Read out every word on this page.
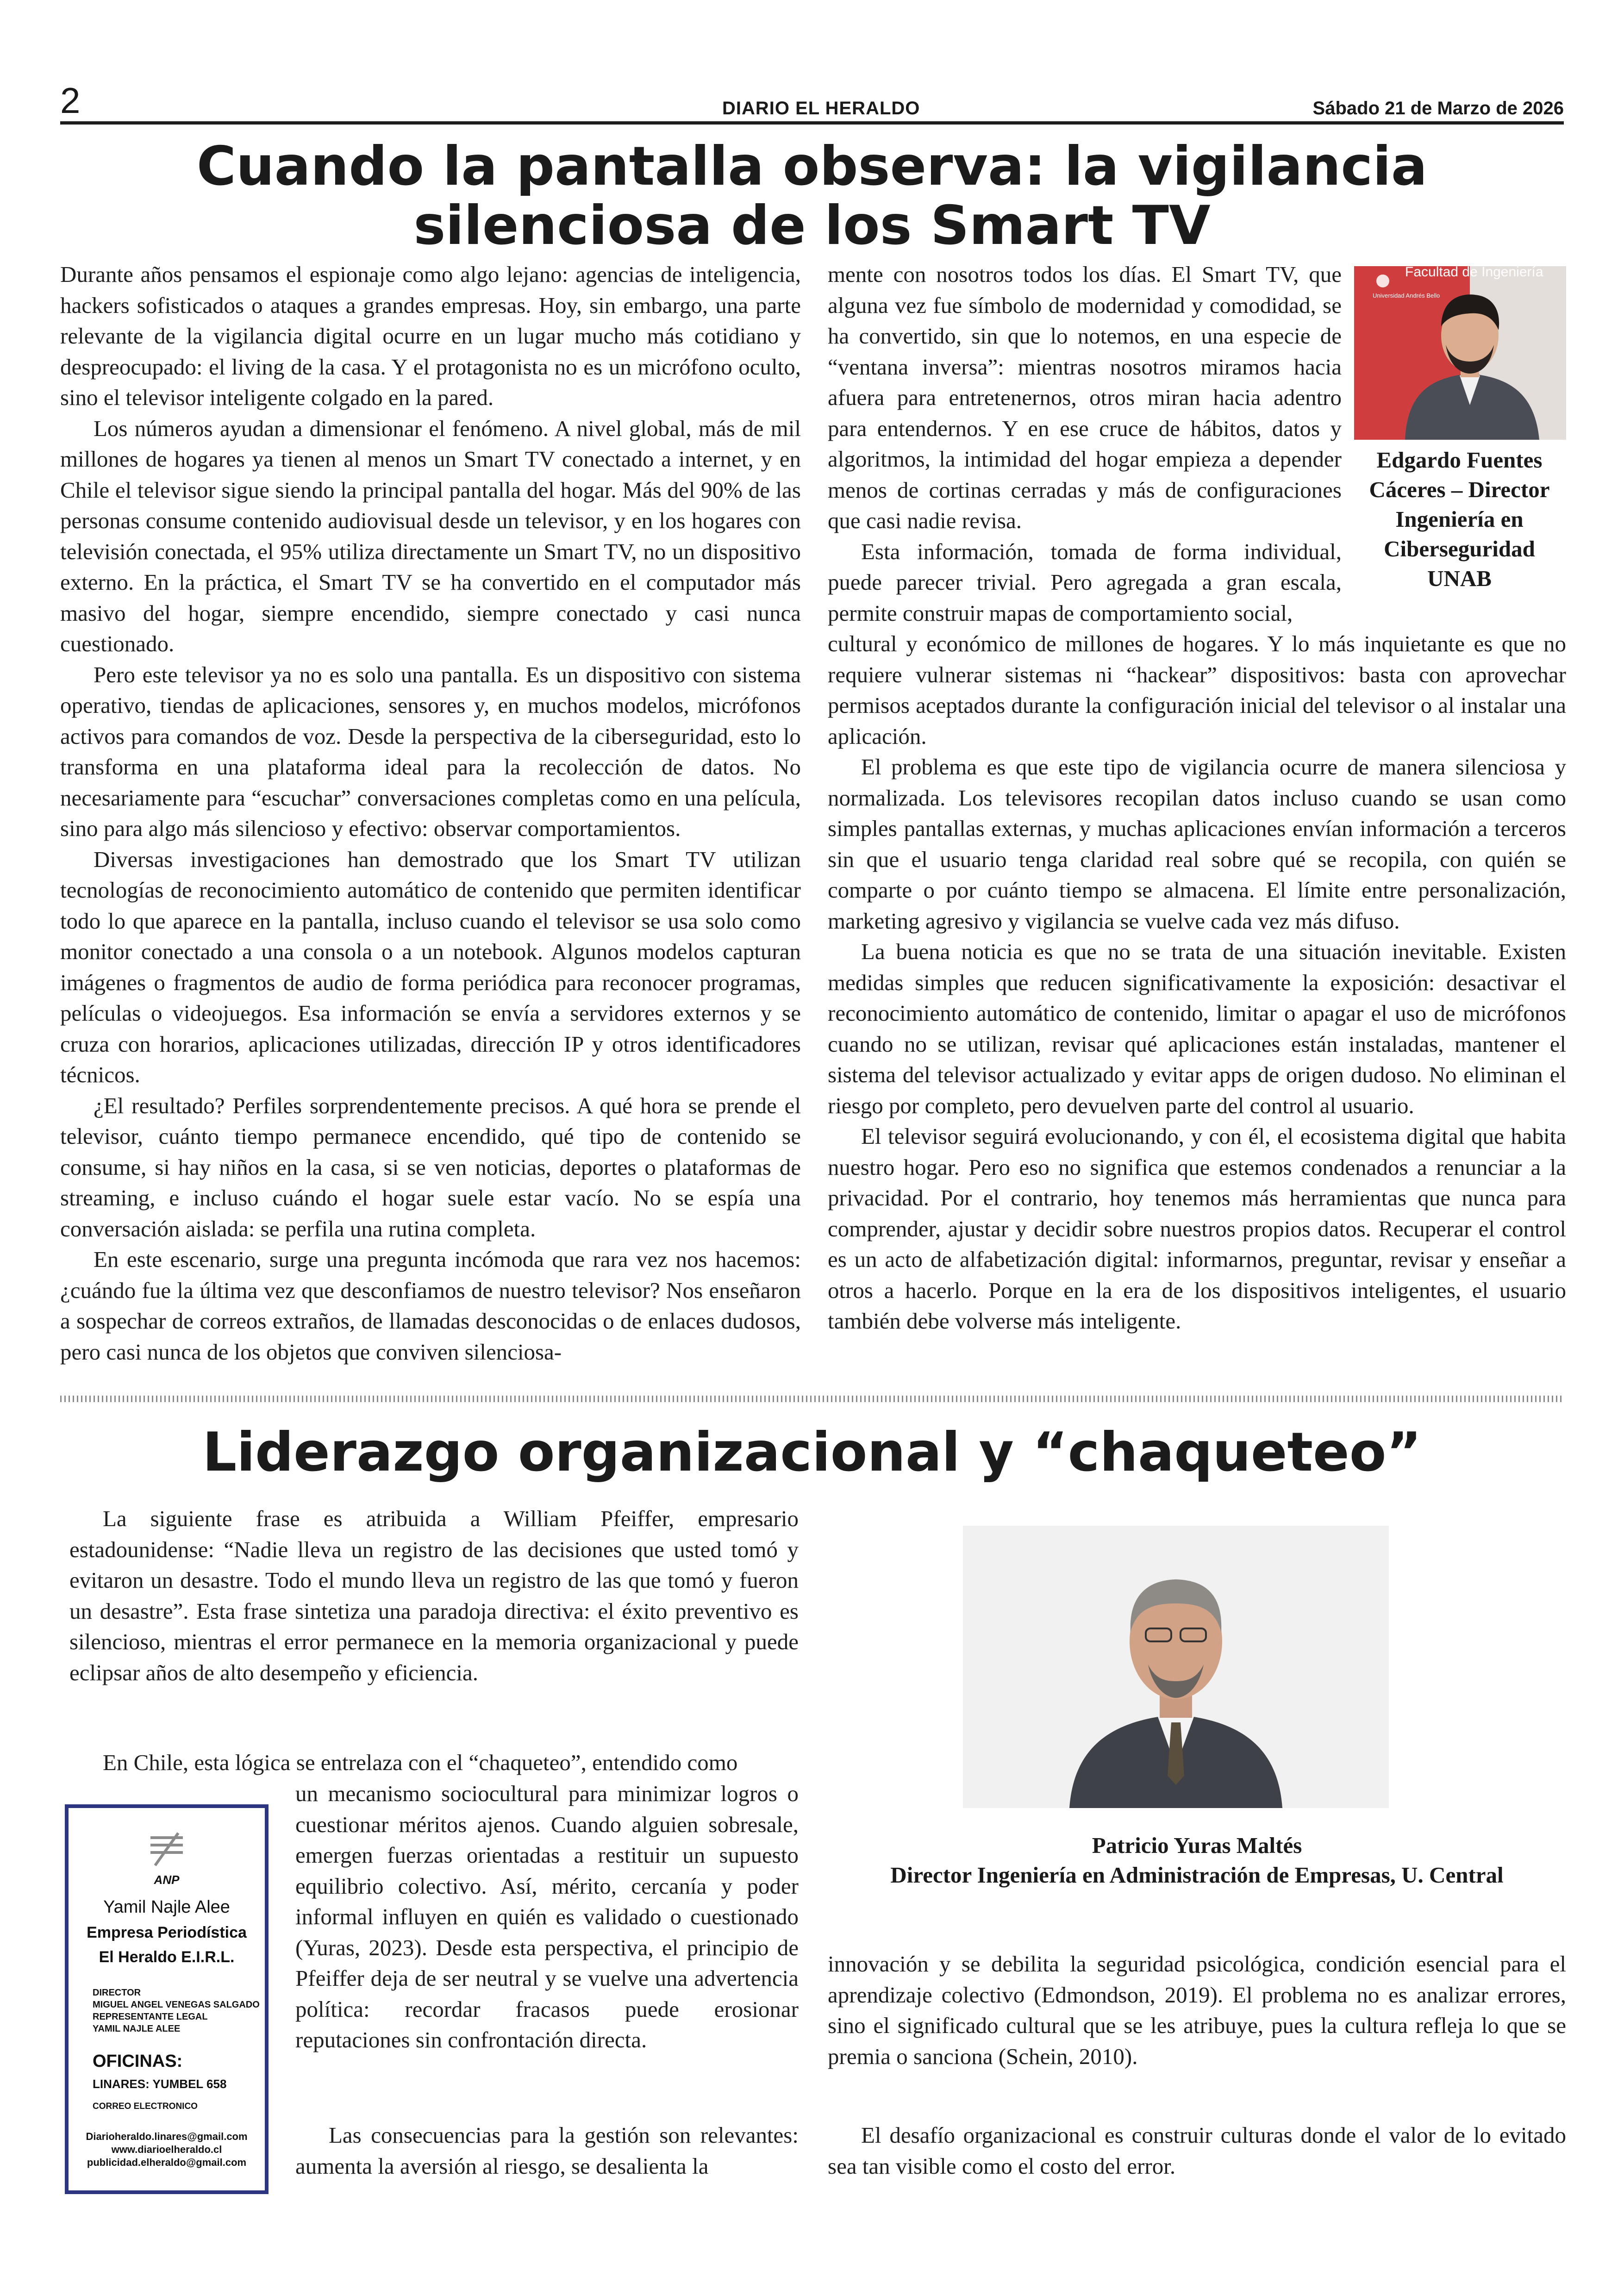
2	DIARIO EL HERALDO	Sábado 21 de Marzo de 2026
Cuando la pantalla observa: la vigilancia
silenciosa de los Smart TV

Durante años pensamos el espionaje como algo lejano: agencias de inteligencia, hackers sofisticados o ataques a grandes empresas. Hoy, sin embargo, una parte relevante de la vigilancia digital ocurre en un lugar mucho más cotidiano y despreocupado: el living de la casa. Y el protagonista no es un micrófono oculto, sino el televisor inteligente colgado en la pared.

Los números ayudan a dimensionar el fenómeno. A nivel global, más de mil millones de hogares ya tienen al menos un Smart TV conectado a internet, y en Chile el televisor sigue siendo la principal pantalla del hogar. Más del 90% de las personas consume contenido audiovisual desde un televisor, y en los hogares con televisión conectada, el 95% utiliza directamente un Smart TV, no un dispositivo externo. En la práctica, el Smart TV se ha convertido en el computador más masivo del hogar, siempre encendido, siempre conectado y casi nunca cuestionado.

Pero este televisor ya no es solo una pantalla. Es un dispositivo con sistema operativo, tiendas de aplicaciones, sensores y, en muchos modelos, micrófonos activos para comandos de voz. Desde la perspectiva de la ciberseguridad, esto lo transforma en una plataforma ideal para la recolección de datos. No necesariamente para “escuchar” conversaciones completas como en una película, sino para algo más silencioso y efectivo: observar comportamientos.

Diversas investigaciones han demostrado que los Smart TV utilizan tecnologías de reconocimiento automático de contenido que permiten identificar todo lo que aparece en la pantalla, incluso cuando el televisor se usa solo como monitor conectado a una consola o a un notebook. Algunos modelos capturan imágenes o fragmentos de audio de forma periódica para reconocer programas, películas o videojuegos. Esa información se envía a servidores externos y se cruza con horarios, aplicaciones utilizadas, dirección IP y otros identificadores técnicos.

¿El resultado? Perfiles sorprendentemente precisos. A qué hora se prende el televisor, cuánto tiempo permanece encendido, qué tipo de contenido se consume, si hay niños en la casa, si se ven noticias, deportes o plataformas de streaming, e incluso cuándo el hogar suele estar vacío. No se espía una conversación aislada: se perfila una rutina completa.

En este escenario, surge una pregunta incómoda que rara vez nos hacemos: ¿cuándo fue la última vez que desconfiamos de nuestro televisor? Nos enseñaron a sospechar de correos extraños, de llamadas desconocidas o de enlaces dudosos, pero casi nunca de los objetos que conviven silenciosa-

mente con nosotros todos los días. El Smart TV, que alguna vez fue símbolo de modernidad y comodidad, se ha convertido, sin que lo notemos, en una especie de “ventana inversa”: mientras nosotros miramos hacia afuera para entretenernos, otros miran hacia adentro para entendernos. Y en ese cruce de hábitos, datos y algoritmos, la intimidad del hogar empieza a depender menos de cortinas cerradas y más de configuraciones que casi nadie revisa.

Esta información, tomada de forma individual, puede parecer trivial. Pero agregada a gran escala, permite construir mapas de comportamiento social,

cultural y económico de millones de hogares. Y lo más inquietante es que no requiere vulnerar sistemas ni “hackear” dispositivos: basta con aprovechar permisos aceptados durante la configuración inicial del televisor o al instalar una aplicación.

El problema es que este tipo de vigilancia ocurre de manera silenciosa y normalizada. Los televisores recopilan datos incluso cuando se usan como simples pantallas externas, y muchas aplicaciones envían información a terceros sin que el usuario tenga claridad real sobre qué se recopila, con quién se comparte o por cuánto tiempo se almacena. El límite entre personalización, marketing agresivo y vigilancia se vuelve cada vez más difuso.

La buena noticia es que no se trata de una situación inevitable. Existen medidas simples que reducen significativamente la exposición: desactivar el reconocimiento automático de contenido, limitar o apagar el uso de micrófonos cuando no se utilizan, revisar qué aplicaciones están instaladas, mantener el sistema del televisor actualizado y evitar apps de origen dudoso. No eliminan el riesgo por completo, pero devuelven parte del control al usuario.

El televisor seguirá evolucionando, y con él, el ecosistema digital que habita nuestro hogar. Pero eso no significa que estemos condenados a renunciar a la privacidad. Por el contrario, hoy tenemos más herramientas que nunca para comprender, ajustar y decidir sobre nuestros propios datos. Recuperar el control es un acto de alfabetización digital: informarnos, preguntar, revisar y enseñar a otros a hacerlo. Porque en la era de los dispositivos inteligentes, el usuario también debe volverse más inteligente.

Universidad Andrés Bello
Facultad de Ingeniería
Edgardo Fuentes
Cáceres – Director
Ingeniería en
Ciberseguridad
UNAB
Liderazgo organizacional y “chaqueteo”

La siguiente frase es atribuida a William Pfeiffer, empresario estadounidense: “Nadie lleva un registro de las decisiones que usted tomó y evitaron un desastre. Todo el mundo lleva un registro de las que tomó y fueron un desastre”. Esta frase sintetiza una paradoja directiva: el éxito preventivo es silencioso, mientras el error permanece en la memoria organizacional y puede eclipsar años de alto desempeño y eficiencia.

En Chile, esta lógica se entrelaza con el “chaqueteo”, entendido como

un mecanismo sociocultural para minimizar logros o cuestionar méritos ajenos. Cuando alguien sobresale, emergen fuerzas orientadas a restituir un supuesto equilibrio colectivo. Así, mérito, cercanía y poder informal influyen en quién es validado o cuestionado (Yuras, 2023). Desde esta perspectiva, el principio de Pfeiffer deja de ser neutral y se vuelve una advertencia política: recordar fracasos puede erosionar reputaciones sin confrontación directa.

Las consecuencias para la gestión son relevantes: aumenta la aversión al riesgo, se desalienta la

Patricio Yuras Maltés
Director Ingeniería en Administración de Empresas, U. Central

innovación y se debilita la seguridad psicológica, condición esencial para el aprendizaje colectivo (Edmondson, 2019). El problema no es analizar errores, sino el significado cultural que se les atribuye, pues la cultura refleja lo que se premia o sanciona (Schein, 2010).

El desafío organizacional es construir culturas donde el valor de lo evitado sea tan visible como el costo del error.

ANP
Yamil Najle Alee
Empresa Periodística
El Heraldo E.I.R.L.
DIRECTOR
MIGUEL ANGEL VENEGAS SALGADO
REPRESENTANTE LEGAL
YAMIL NAJLE ALEE
OFICINAS:
LINARES: YUMBEL 658
CORREO ELECTRONICO
Diarioheraldo.linares@gmail.com
www.diarioelheraldo.cl
publicidad.elheraldo@gmail.com
